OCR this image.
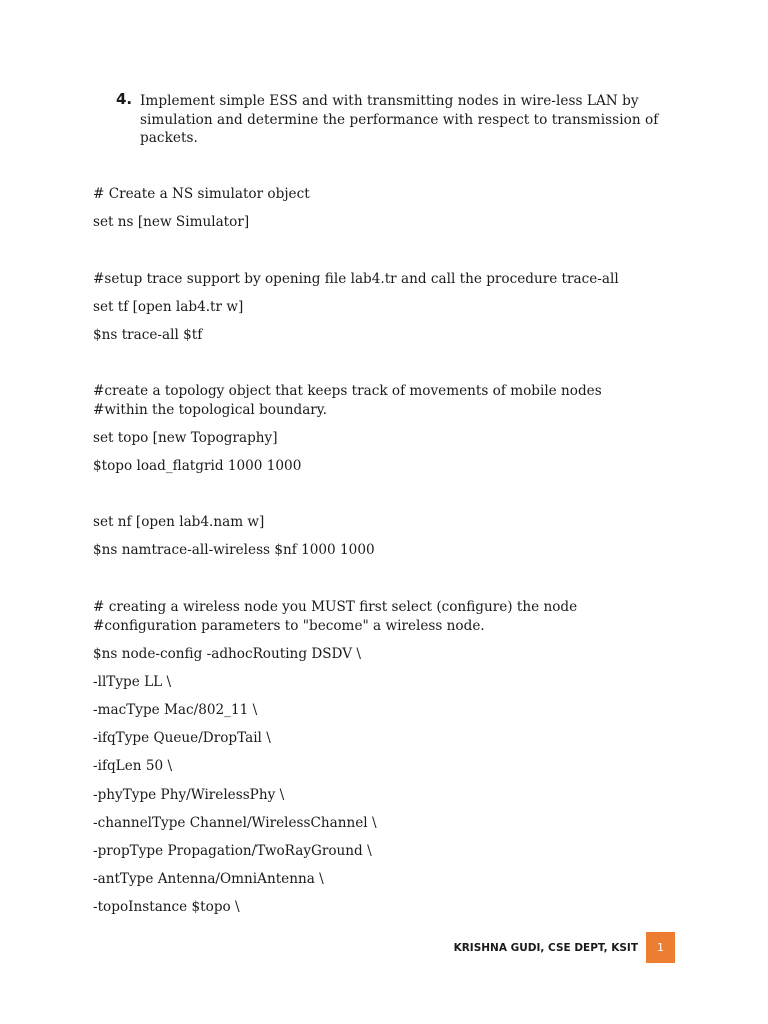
4. Implement simple ESS and with transmitting nodes in wire-less LAN by simulation and determine the performance with respect to transmission of packets.
# Create a NS simulator object
set ns [new Simulator]
#setup trace support by opening file lab4.tr and call the procedure trace-all
set tf [open lab4.tr w]
$ns trace-all $tf
#create a topology object that keeps track of movements of mobile nodes
#within the topological boundary.
set topo [new Topography]
$topo load_flatgrid 1000 1000
set nf [open lab4.nam w]
$ns namtrace-all-wireless $nf 1000 1000
# creating a wireless node you MUST first select (configure) the node
#configuration parameters to "become" a wireless node.
$ns node-config -adhocRouting DSDV \
-llType LL \
-macType Mac/802_11 \
-ifqType Queue/DropTail \
-ifqLen 50 \
-phyType Phy/WirelessPhy \
-channelType Channel/WirelessChannel \
-propType Propagation/TwoRayGround \
-antType Antenna/OmniAntenna \
-topoInstance $topo \
KRISHNA GUDI, CSE DEPT, KSIT	1
